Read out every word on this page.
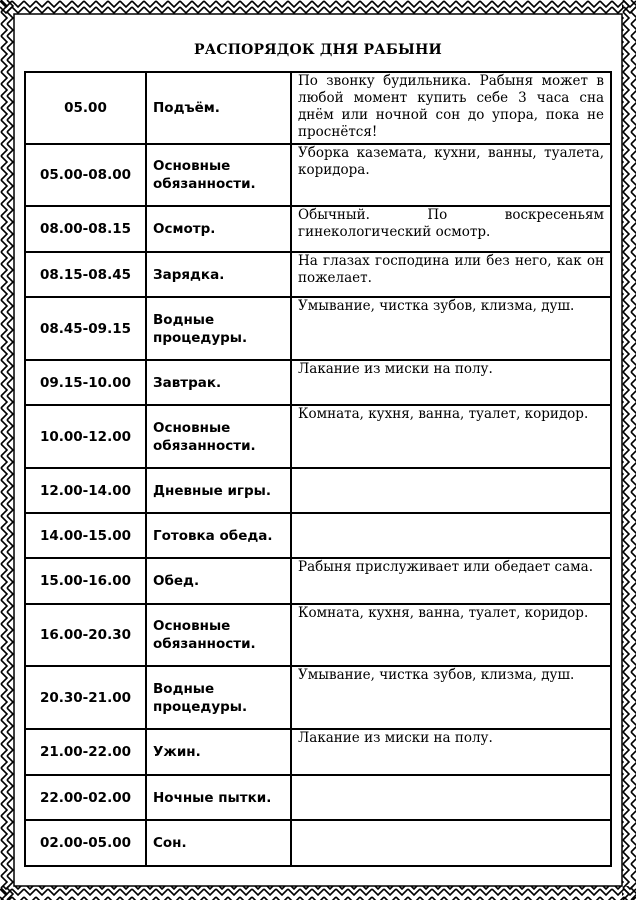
РАСПОРЯДОК ДНЯ РАБЫНИ
05.00	Подъём.	По звонку будильника. Рабыня может в любой момент купить себе 3 часа сна днём или ночной сон до упора, пока не проснётся!
05.00-08.00	Основные обязанности.	Уборка каземата, кухни, ванны, туалета, коридора.
08.00-08.15	Осмотр.	Обычный. По воскресеньям гинекологический осмотр.
08.15-08.45	Зарядка.	На глазах господина или без него, как он пожелает.
08.45-09.15	Водные процедуры.	Умывание, чистка зубов, клизма, душ.
09.15-10.00	Завтрак.	Лакание из миски на полу.
10.00-12.00	Основные обязанности.	Комната, кухня, ванна, туалет, коридор.
12.00-14.00	Дневные игры.	
14.00-15.00	Готовка обеда.	
15.00-16.00	Обед.	Рабыня прислуживает или обедает сама.
16.00-20.30	Основные обязанности.	Комната, кухня, ванна, туалет, коридор.
20.30-21.00	Водные процедуры.	Умывание, чистка зубов, клизма, душ.
21.00-22.00	Ужин.	Лакание из миски на полу.
22.00-02.00	Ночные пытки.	
02.00-05.00	Сон.	
